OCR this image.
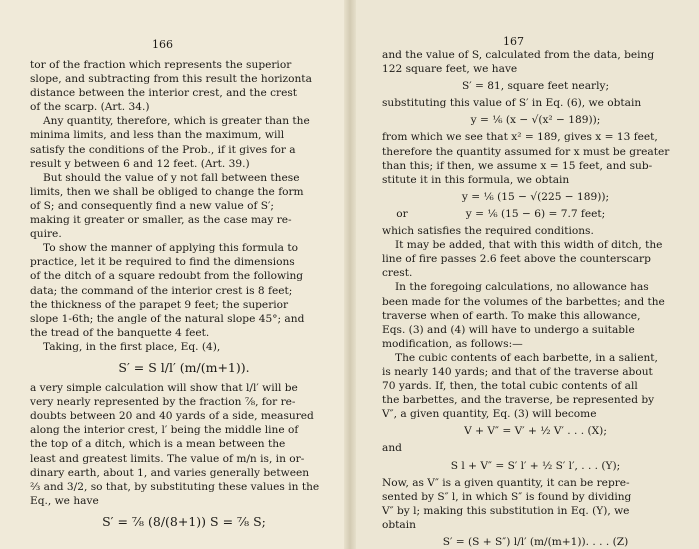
166

tor of the fraction which represents the superior

slope, and subtracting from this result the horizonta

distance between the interior crest, and the crest

of the scarp. (Art. 34.)

Any quantity, therefore, which is greater than the

minima limits, and less than the maximum, will

satisfy the conditions of the Prob., if it gives for a

result y between 6 and 12 feet. (Art. 39.)

But should the value of y not fall between these

limits, then we shall be obliged to change the form

of S; and consequently find a new value of S′;

making it greater or smaller, as the case may re-

quire.

To show the manner of applying this formula to

practice, let it be required to find the dimensions

of the ditch of a square redoubt from the following

data; the command of the interior crest is 8 feet;

the thickness of the parapet 9 feet; the superior

slope 1-6th; the angle of the natural slope 45°; and

the tread of the banquette 4 feet.

Taking, in the first place, Eq. (4),

S′ = S l/l′ (m/(m+1)).

a very simple calculation will show that l/l′ will be

very nearly represented by the fraction ⅞, for re-

doubts between 20 and 40 yards of a side, measured

along the interior crest, l′ being the middle line of

the top of a ditch, which is a mean between the

least and greatest limits. The value of m/n is, in or-

dinary earth, about 1, and varies generally between

⅔ and 3/2, so that, by substituting these values in the

Eq., we have

S′ = ⅞ (8/(8+1)) S = ⅞ S;

167

and the value of S, calculated from the data, being

122 square feet, we have

S′ = 81, square feet nearly;

substituting this value of S′ in Eq. (6), we obtain

y = ⅙ (x − √(x² − 189));

from which we see that x² = 189, gives x = 13 feet,

therefore the quantity assumed for x must be greater

than this; if then, we assume x = 15 feet, and sub-

stitute it in this formula, we obtain

y = ⅙ (15 − √(225 − 189));

or	y = ⅙ (15 − 6) = 7.7 feet;

which satisfies the required conditions.

It may be added, that with this width of ditch, the

line of fire passes 2.6 feet above the counterscarp

crest.

In the foregoing calculations, no allowance has

been made for the volumes of the barbettes; and the

traverse when of earth. To make this allowance,

Eqs. (3) and (4) will have to undergo a suitable

modification, as follows:—

The cubic contents of each barbette, in a salient,

is nearly 140 yards; and that of the traverse about

70 yards. If, then, the total cubic contents of all

the barbettes, and the traverse, be represented by

V″, a given quantity, Eq. (3) will become

V + V″ = V′ + ½ V′ . . . (X);

and

S l + V″ = S′ l′ + ½ S′ l′, . . . (Y);

Now, as V″ is a given quantity, it can be repre-

sented by S″ l, in which S″ is found by dividing

V″ by l; making this substitution in Eq. (Y), we

obtain

S′ = (S + S″) l/l′ (m/(m+1)). . . . (Z)
